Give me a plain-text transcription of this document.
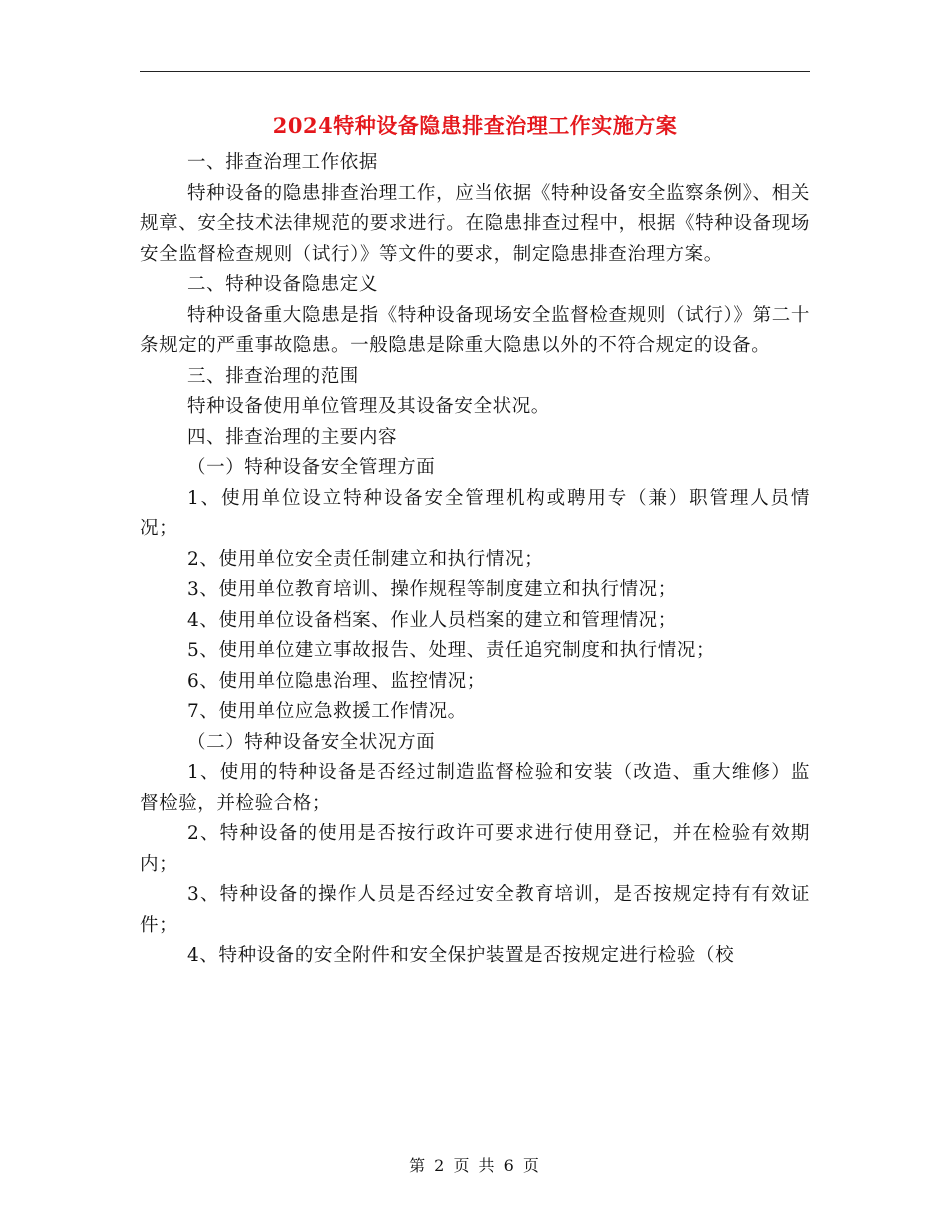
2024特种设备隐患排查治理工作实施方案

一、排查治理工作依据

特种设备的隐患排查治理工作，应当依据《特种设备安全监察条例》、相关规章、安全技术法律规范的要求进行。在隐患排查过程中，根据《特种设备现场安全监督检查规则（试行）》等文件的要求，制定隐患排查治理方案。

二、特种设备隐患定义

特种设备重大隐患是指《特种设备现场安全监督检查规则（试行）》第二十条规定的严重事故隐患。一般隐患是除重大隐患以外的不符合规定的设备。

三、排查治理的范围

特种设备使用单位管理及其设备安全状况。

四、排查治理的主要内容

（一）特种设备安全管理方面

1、使用单位设立特种设备安全管理机构或聘用专（兼）职管理人员情况；

2、使用单位安全责任制建立和执行情况；

3、使用单位教育培训、操作规程等制度建立和执行情况；

4、使用单位设备档案、作业人员档案的建立和管理情况；

5、使用单位建立事故报告、处理、责任追究制度和执行情况；

6、使用单位隐患治理、监控情况；

7、使用单位应急救援工作情况。

（二）特种设备安全状况方面

1、使用的特种设备是否经过制造监督检验和安装（改造、重大维修）监督检验，并检验合格；

2、特种设备的使用是否按行政许可要求进行使用登记，并在检验有效期内；

3、特种设备的操作人员是否经过安全教育培训，是否按规定持有有效证件；

4、特种设备的安全附件和安全保护装置是否按规定进行检验（校

第 2 页 共 6 页
